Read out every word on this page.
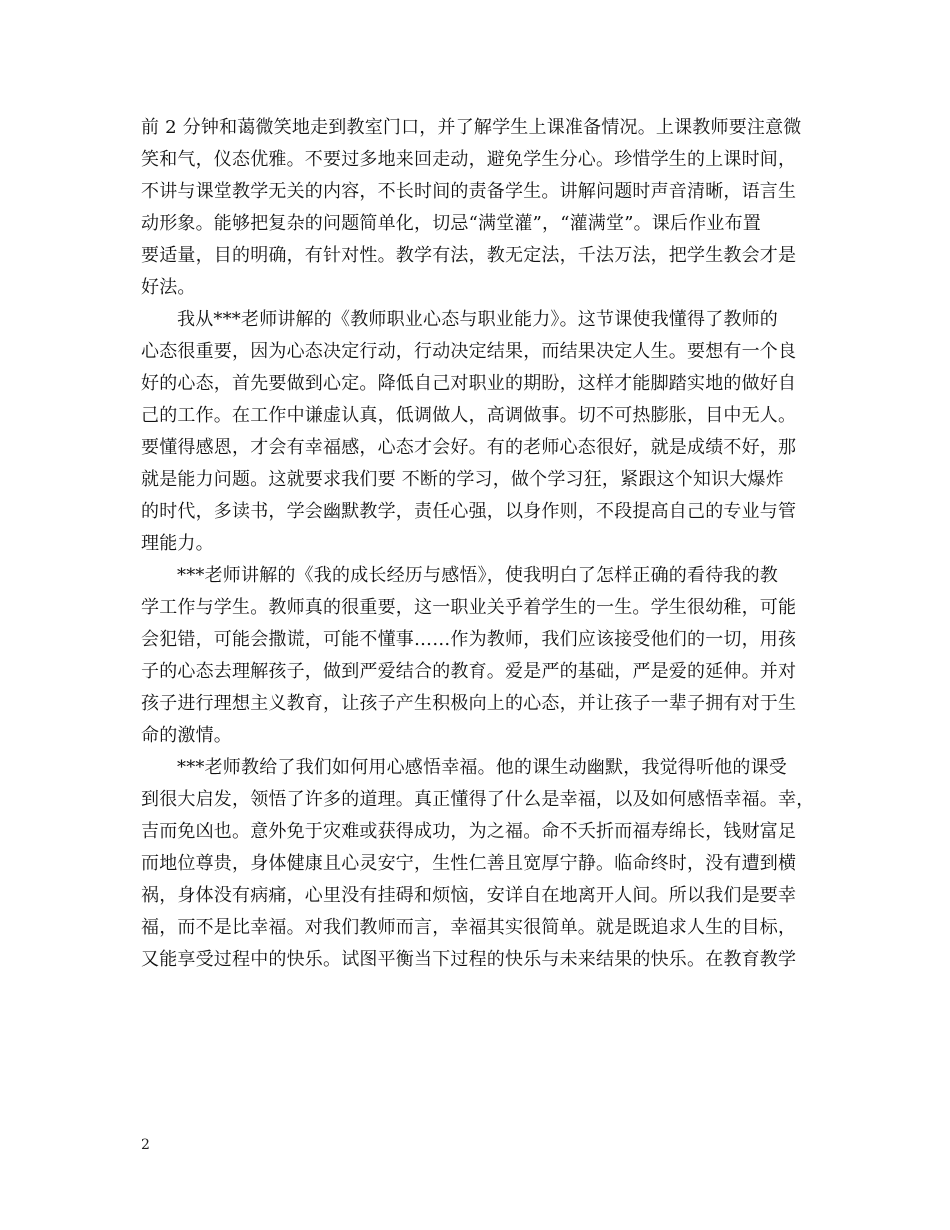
前 2 分钟和蔼微笑地走到教室门口，并了解学生上课准备情况。上课教师要注意微
笑和气，仪态优雅。不要过多地来回走动，避免学生分心。珍惜学生的上课时间，
不讲与课堂教学无关的内容，不长时间的责备学生。讲解问题时声音清晰，语言生
动形象。能够把复杂的问题简单化，切忌“满堂灌”，“灌满堂”。课后作业布置
要适量，目的明确，有针对性。教学有法，教无定法，千法万法，把学生教会才是
好法。
我从***老师讲解的《教师职业心态与职业能力》。这节课使我懂得了教师的
心态很重要，因为心态决定行动，行动决定结果，而结果决定人生。要想有一个良
好的心态，首先要做到心定。降低自己对职业的期盼，这样才能脚踏实地的做好自
己的工作。在工作中谦虚认真，低调做人，高调做事。切不可热膨胀，目中无人。
要懂得感恩，才会有幸福感，心态才会好。有的老师心态很好，就是成绩不好，那
就是能力问题。这就要求我们要 不断的学习，做个学习狂，紧跟这个知识大爆炸
的时代，多读书，学会幽默教学，责任心强，以身作则，不段提高自己的专业与管
理能力。
***老师讲解的《我的成长经历与感悟》，使我明白了怎样正确的看待我的教
学工作与学生。教师真的很重要，这一职业关乎着学生的一生。学生很幼稚，可能
会犯错，可能会撒谎，可能不懂事……作为教师，我们应该接受他们的一切，用孩
子的心态去理解孩子，做到严爱结合的教育。爱是严的基础，严是爱的延伸。并对
孩子进行理想主义教育，让孩子产生积极向上的心态，并让孩子一辈子拥有对于生
命的激情。
***老师教给了我们如何用心感悟幸福。他的课生动幽默，我觉得听他的课受
到很大启发，领悟了许多的道理。真正懂得了什么是幸福，以及如何感悟幸福。幸，
吉而免凶也。意外免于灾难或获得成功，为之福。命不夭折而福寿绵长，钱财富足
而地位尊贵，身体健康且心灵安宁，生性仁善且宽厚宁静。临命终时，没有遭到横
祸，身体没有病痛，心里没有挂碍和烦恼，安详自在地离开人间。所以我们是要幸
福，而不是比幸福。对我们教师而言，幸福其实很简单。就是既追求人生的目标，
又能享受过程中的快乐。试图平衡当下过程的快乐与未来结果的快乐。在教育教学
2
